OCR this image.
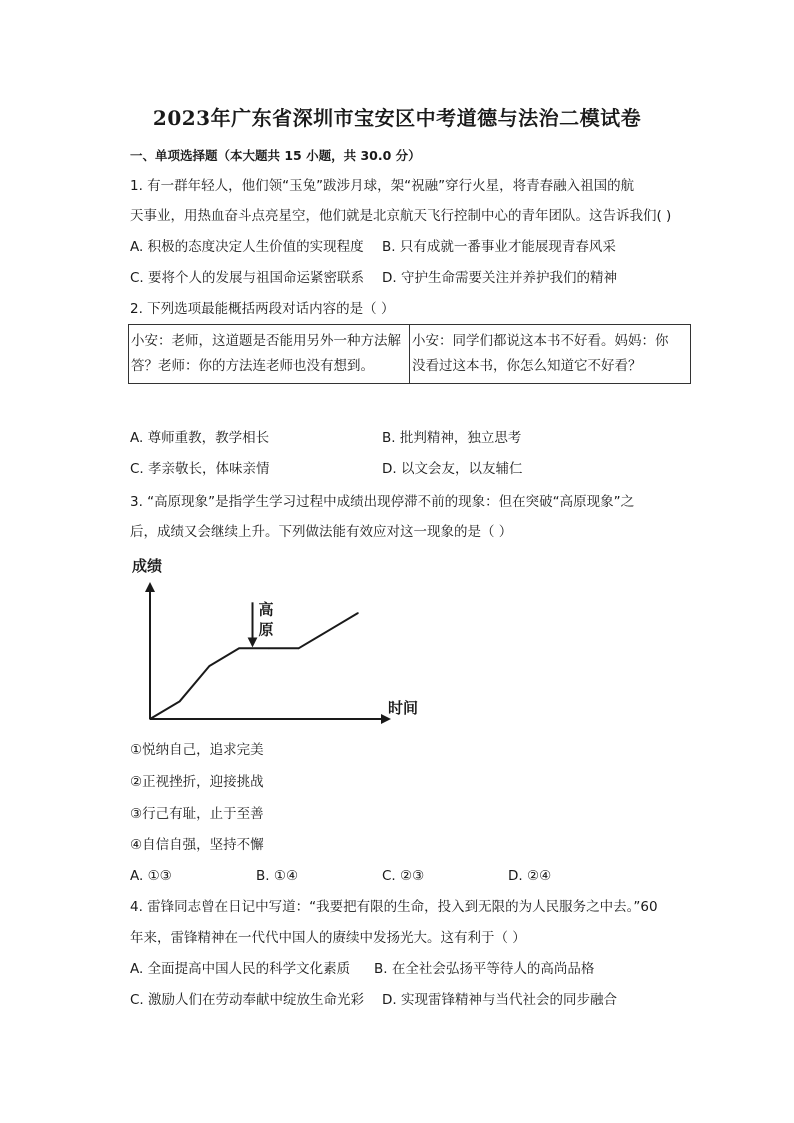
2023年广东省深圳市宝安区中考道德与法治二模试卷
一、单项选择题（本大题共 15 小题，共 30.0 分）
1. 有一群年轻人，他们领“玉兔”跋涉月球，架“祝融”穿行火星，将青春融入祖国的航
天事业，用热血奋斗点亮星空，他们就是北京航天飞行控制中心的青年团队。这告诉我们( )
A. 积极的态度决定人生价值的实现程度 B. 只有成就一番事业才能展现青春风采
C. 要将个人的发展与祖国命运紧密联系 D. 守护生命需要关注并养护我们的精神
2. 下列选项最能概括两段对话内容的是（ ）
小安：老师，这道题是否能用另外一种方法解
答？老师：你的方法连老师也没有想到。

小安：同学们都说这本书不好看。妈妈：你
没看过这本书，你怎么知道它不好看？
A. 尊师重教，教学相长	B. 批判精神，独立思考
C. 孝亲敬长，体味亲情	D. 以文会友，以友辅仁
3. “高原现象”是指学生学习过程中成绩出现停滞不前的现象：但在突破“高原现象”之
后，成绩又会继续上升。下列做法能有效应对这一现象的是（ ）
成绩
时间
高
原
①悦纳自己，追求完美
②正视挫折，迎接挑战
③行己有耻，止于至善
④自信自强，坚持不懈
A. ①③	B. ①④	C. ②③	D. ②④
4. 雷锋同志曾在日记中写道：“我要把有限的生命，投入到无限的为人民服务之中去。”60
年来，雷锋精神在一代代中国人的赓续中发扬光大。这有利于（ ）
A. 全面提高中国人民的科学文化素质 B. 在全社会弘扬平等待人的高尚品格
C. 激励人们在劳动奉献中绽放生命光彩 D. 实现雷锋精神与当代社会的同步融合
